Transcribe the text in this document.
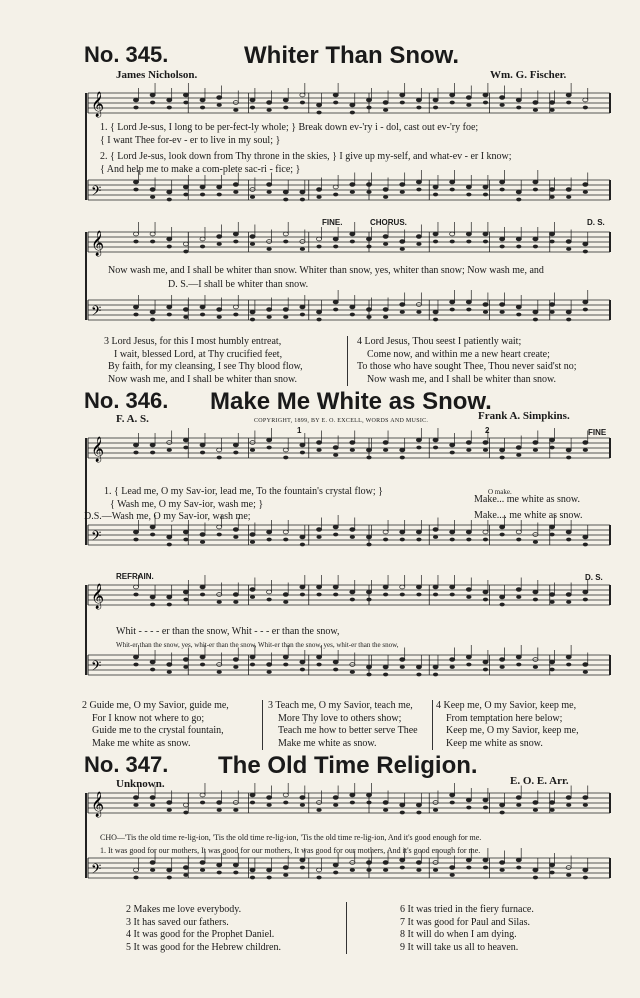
𝄞
𝄢
𝄞
𝄢
𝄞
𝄢
𝄞
𝄢
𝄞
𝄢
No. 345.	Whiter Than Snow.
James Nicholson.	Wm. G. Fischer.
1. { Lord Je-sus, I long to be per-fect-ly whole; } Break down ev-'ry i - dol, cast out ev-'ry foe;
{ I want Thee for-ev - er to live in my soul; }
2. { Lord Je-sus, look down from Thy throne in the skies, } I give up my-self, and what-ev - er I know;
{ And help me to make a com-plete sac-ri - fice; }
FINE.	CHORUS.	D. S.
Now wash me, and I shall be whiter than snow. Whiter than snow, yes, whiter than snow; Now wash me, and
D. S.—I shall be whiter than snow.
3 Lord Jesus, for this I most humbly entreat,
I wait, blessed Lord, at Thy crucified feet,
By faith, for my cleansing, I see Thy blood flow,
Now wash me, and I shall be whiter than snow.
4 Lord Jesus, Thou seest I patiently wait;
Come now, and within me a new heart create;
To those who have sought Thee, Thou never said'st no;
Now wash me, and I shall be whiter than snow.
No. 346. Make Me White as Snow.
F. A. S.	COPYRIGHT, 1899, BY E. O. EXCELL, WORDS AND MUSIC.	Frank A. Simpkins.
FINE
1	2
1. { Lead me, O my Sav-ior, lead me, To the fountain's crystal flow; }
{ Wash me, O my Sav-ior, wash me; }
D.S.—Wash me, O my Sav-ior, wash me;
O make.
Make... me white as snow.
Make.... me white as snow.
REFRAIN.	D. S.
Whit - - - - er than the snow, Whit - - - er than the snow,
Whit-er than the snow, yes, whit-er than the snow, Whit-er than the snow, yes, whit-er than the snow,
2 Guide me, O my Savior, guide me,
For I know not where to go;
Guide me to the crystal fountain,
Make me white as snow.
3 Teach me, O my Savior, teach me,
More Thy love to others show;
Teach me how to better serve Thee
Make me white as snow.
4 Keep me, O my Savior, keep me,
From temptation here below;
Keep me, O my Savior, keep me,
Keep me white as snow.
No. 347. The Old Time Religion.
Unknown.	E. O. E. Arr.
CHO—'Tis the old time re-lig-ion, 'Tis the old time re-lig-ion, 'Tis the old time re-lig-ion, And it's good enough for me.
1. It was good for our mothers, It was good for our mothers, It was good for our mothers, And it's good enough for me.
2 Makes me love everybody.
3 It has saved our fathers.
4 It was good for the Prophet Daniel.
5 It was good for the Hebrew children.
6 It was tried in the fiery furnace.
7 It was good for Paul and Silas.
8 It will do when I am dying.
9 It will take us all to heaven.
